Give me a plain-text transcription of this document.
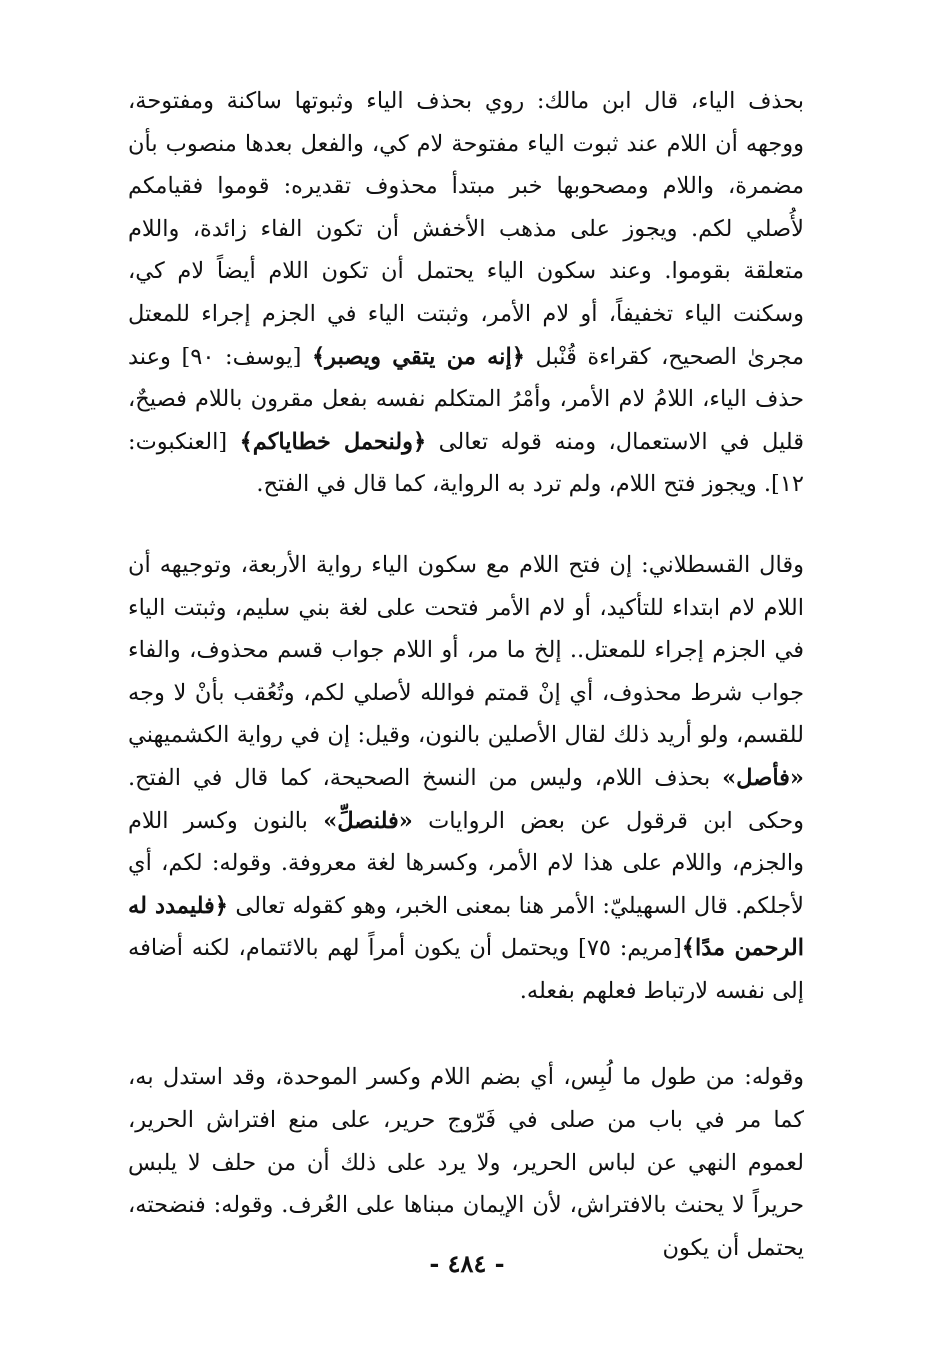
بحذف الياء، قال ابن مالك: روي بحذف الياء وثبوتها ساكنة ومفتوحة، ووجهه أن اللام عند ثبوت الياء مفتوحة لام كي، والفعل بعدها منصوب بأن مضمرة، واللام ومصحوبها خبر مبتدأ محذوف تقديره: قوموا فقيامكم لأُصلي لكم. ويجوز على مذهب الأخفش أن تكون الفاء زائدة، واللام متعلقة بقوموا. وعند سكون الياء يحتمل أن تكون اللام أيضاً لام كي، وسكنت الياء تخفيفاً، أو لام الأمر، وثبتت الياء في الجزم إجراء للمعتل مجرىٰ الصحيح، كقراءة قُنْبل ﴿إنه من يتقي ويصبر﴾ [يوسف: ٩٠] وعند حذف الياء، اللامُ لام الأمر، وأمْرُ المتكلم نفسه بفعل مقرون باللام فصيحٌ، قليل في الاستعمال، ومنه قوله تعالى ﴿ولنحمل خطاياكم﴾ [العنكبوت: ١٢]. ويجوز فتح اللام، ولم ترد به الرواية، كما قال في الفتح.

وقال القسطلاني: إن فتح اللام مع سكون الياء رواية الأربعة، وتوجيهه أن اللام لام ابتداء للتأكيد، أو لام الأمر فتحت على لغة بني سليم، وثبتت الياء في الجزم إجراء للمعتل.. إلخ ما مر، أو اللام جواب قسم محذوف، والفاء جواب شرط محذوف، أي إنْ قمتم فوالله لأصلي لكم، وتُعُقب بأنْ لا وجه للقسم، ولو أريد ذلك لقال الأصلين بالنون، وقيل: إن في رواية الكشميهني «فأصل» بحذف اللام، وليس من النسخ الصحيحة، كما قال في الفتح. وحكى ابن قرقول عن بعض الروايات «فلنصلِّ» بالنون وكسر اللام والجزم، واللام على هذا لام الأمر، وكسرها لغة معروفة. وقوله: لكم، أي لأجلكم. قال السهيليّ: الأمر هنا بمعنى الخبر، وهو كقوله تعالى ﴿فليمدد له الرحمن مدًا﴾[مريم: ٧٥] ويحتمل أن يكون أمراً لهم بالائتمام، لكنه أضافه إلى نفسه لارتباط فعلهم بفعله.

وقوله: من طول ما لُبِس، أي بضم اللام وكسر الموحدة، وقد استدل به، كما مر في باب من صلى في فَرّوج حرير، على منع افتراش الحرير، لعموم النهي عن لباس الحرير، ولا يرد على ذلك أن من حلف لا يلبس حريراً لا يحنث بالافتراش، لأن الإيمان مبناها على العُرف. وقوله: فنضحته، يحتمل أن يكون

- ٤٨٤ -
